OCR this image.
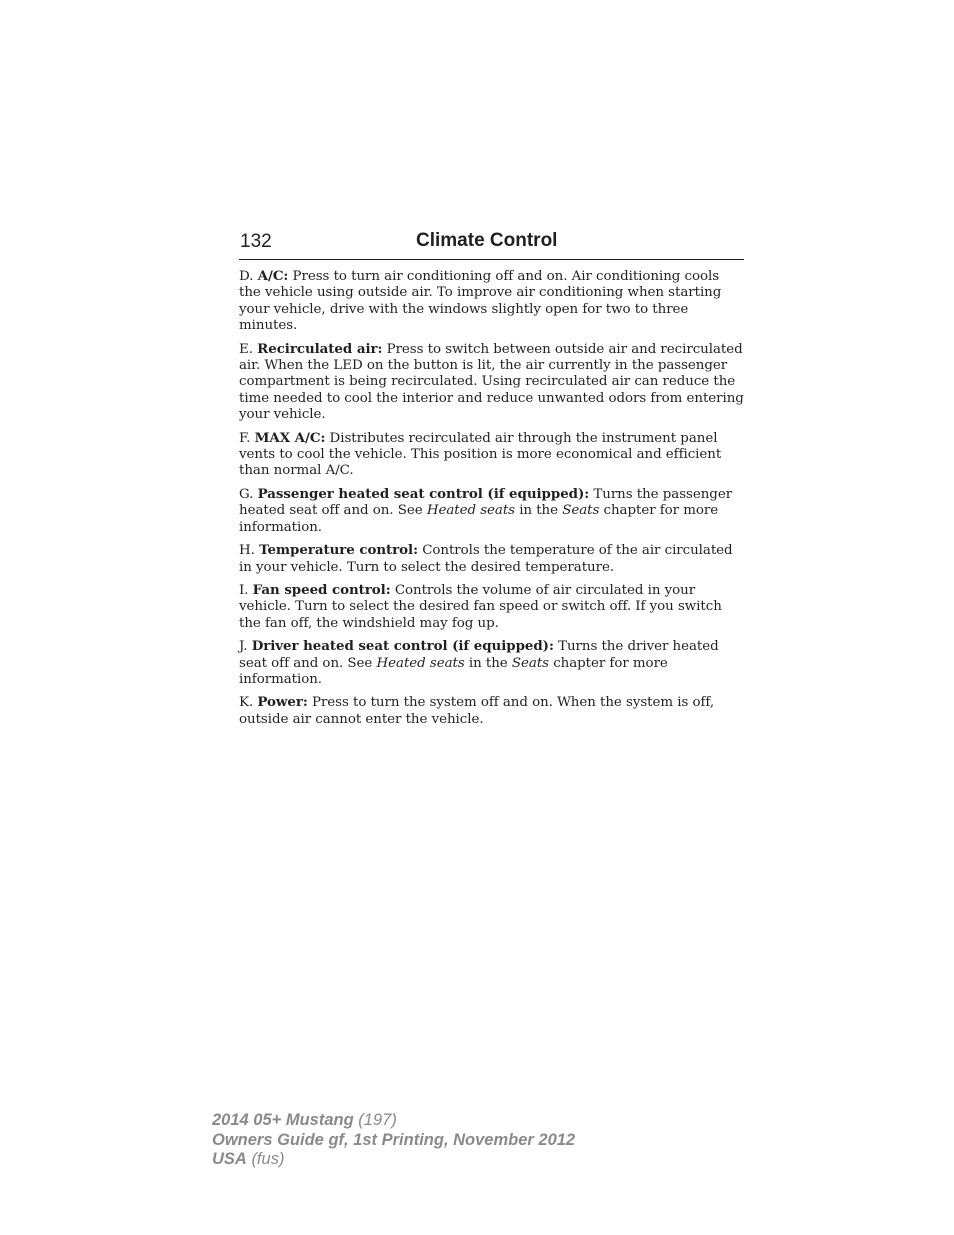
132	Climate Control

D. A/C: Press to turn air conditioning off and on. Air conditioning cools the vehicle using outside air. To improve air conditioning when starting your vehicle, drive with the windows slightly open for two to three minutes.

E. Recirculated air: Press to switch between outside air and recirculated air. When the LED on the button is lit, the air currently in the passenger compartment is being recirculated. Using recirculated air can reduce the time needed to cool the interior and reduce unwanted odors from entering your vehicle.

F. MAX A/C: Distributes recirculated air through the instrument panel vents to cool the vehicle. This position is more economical and efficient than normal A/C.

G. Passenger heated seat control (if equipped): Turns the passenger heated seat off and on. See Heated seats in the Seats chapter for more information.

H. Temperature control: Controls the temperature of the air circulated in your vehicle. Turn to select the desired temperature.

I. Fan speed control: Controls the volume of air circulated in your vehicle. Turn to select the desired fan speed or switch off. If you switch the fan off, the windshield may fog up.

J. Driver heated seat control (if equipped): Turns the driver heated seat off and on. See Heated seats in the Seats chapter for more information.

K. Power: Press to turn the system off and on. When the system is off, outside air cannot enter the vehicle.

2014 05+ Mustang (197)
Owners Guide gf, 1st Printing, November 2012
USA (fus)
